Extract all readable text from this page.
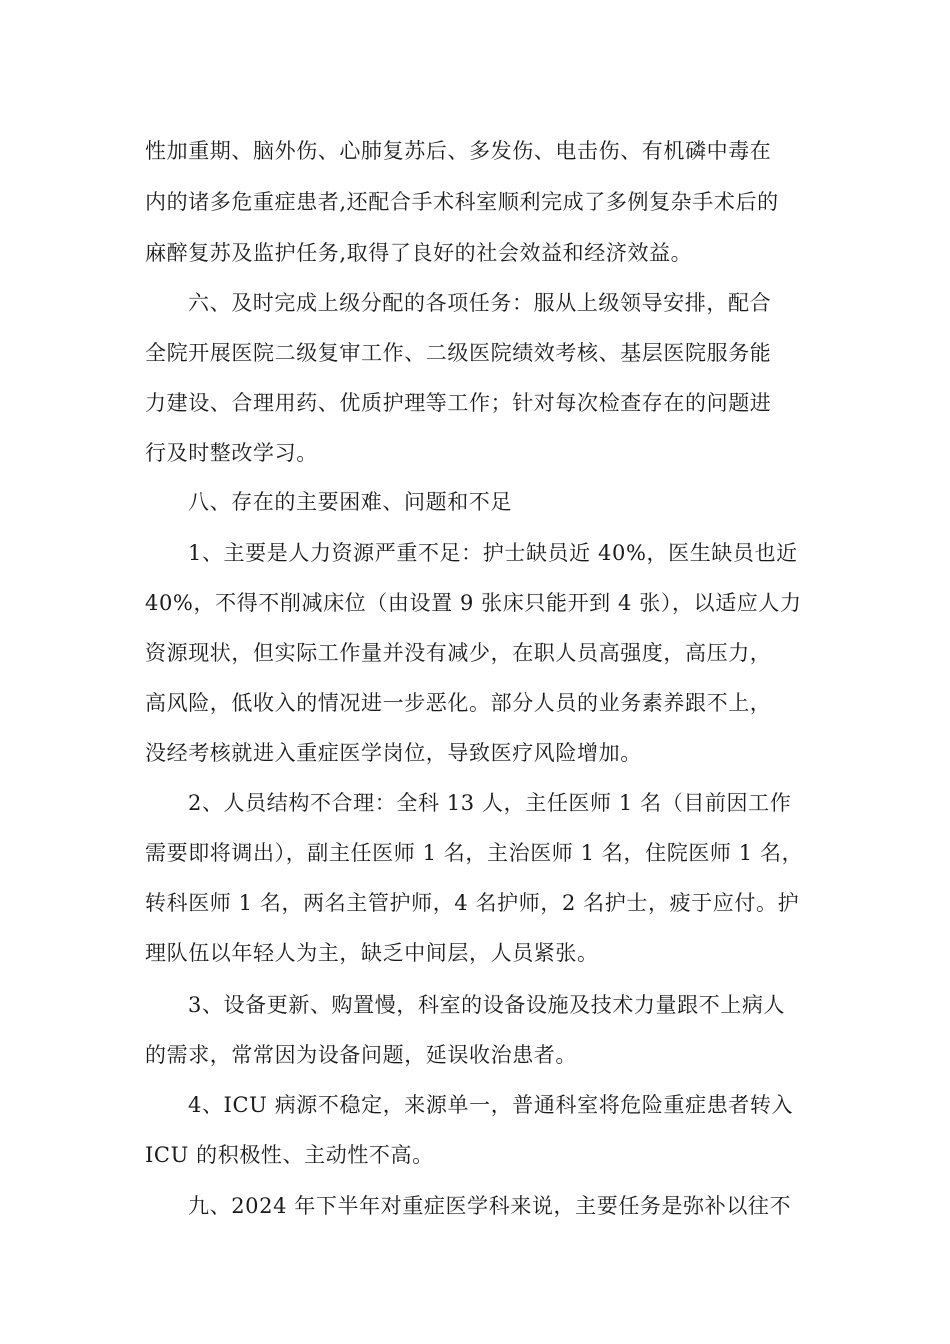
性加重期、脑外伤、心肺复苏后、多发伤、电击伤、有机磷中毒在
内的诸多危重症患者,还配合手术科室顺利完成了多例复杂手术后的
麻醉复苏及监护任务,取得了良好的社会效益和经济效益。
六、及时完成上级分配的各项任务：服从上级领导安排，配合
全院开展医院二级复审工作、二级医院绩效考核、基层医院服务能
力建设、合理用药、优质护理等工作；针对每次检查存在的问题进
行及时整改学习。
八、存在的主要困难、问题和不足
1、主要是人力资源严重不足：护士缺员近 40%，医生缺员也近
40%，不得不削减床位（由设置 9 张床只能开到 4 张），以适应人力
资源现状，但实际工作量并没有减少，在职人员高强度，高压力，
高风险，低收入的情况进一步恶化。部分人员的业务素养跟不上，
没经考核就进入重症医学岗位，导致医疗风险增加。
2、人员结构不合理：全科 13 人，主任医师 1 名（目前因工作
需要即将调出），副主任医师 1 名，主治医师 1 名，住院医师 1 名，
转科医师 1 名，两名主管护师，4 名护师，2 名护士，疲于应付。护
理队伍以年轻人为主，缺乏中间层，人员紧张。
3、设备更新、购置慢，科室的设备设施及技术力量跟不上病人
的需求，常常因为设备问题，延误收治患者。
4、ICU 病源不稳定，来源单一，普通科室将危险重症患者转入
ICU 的积极性、主动性不高。
九、2024 年下半年对重症医学科来说，主要任务是弥补以往不
